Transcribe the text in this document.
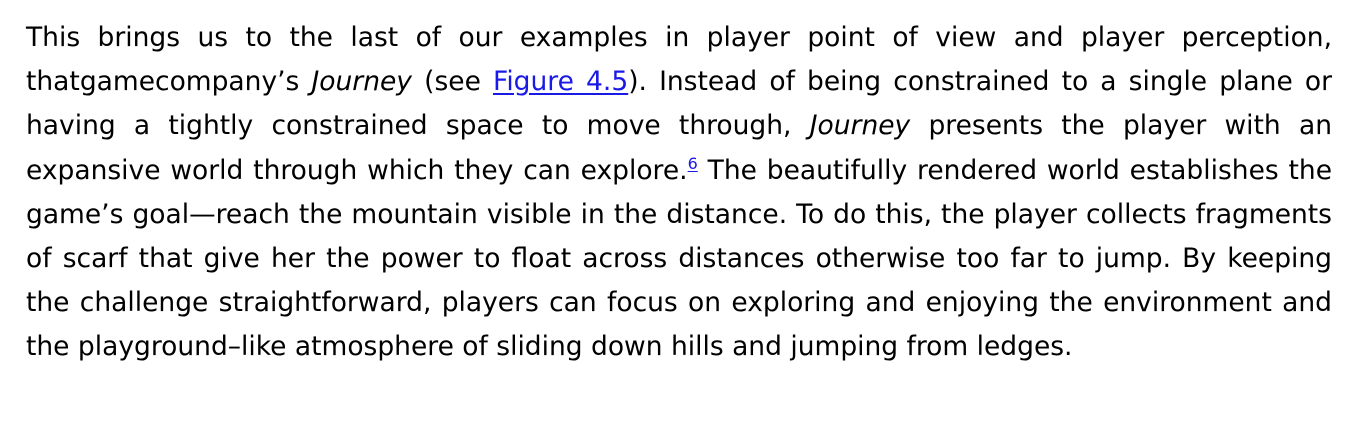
This brings us to the last of our examples in player point of view and player perception, thatgamecompany’s Journey (see Figure 4.5). Instead of being constrained to a single plane or having a tightly constrained space to move through, Journey presents the player with an expansive world through which they can explore.$^6$ The beautifully rendered world establishes the game’s goal—reach the mountain visible in the distance. To do this, the player collects fragments of scarf that give her the power to float across distances otherwise too far to jump. By keeping the challenge straightforward, players can focus on exploring and enjoying the environment and the playground–like atmosphere of sliding down hills and jumping from ledges.
